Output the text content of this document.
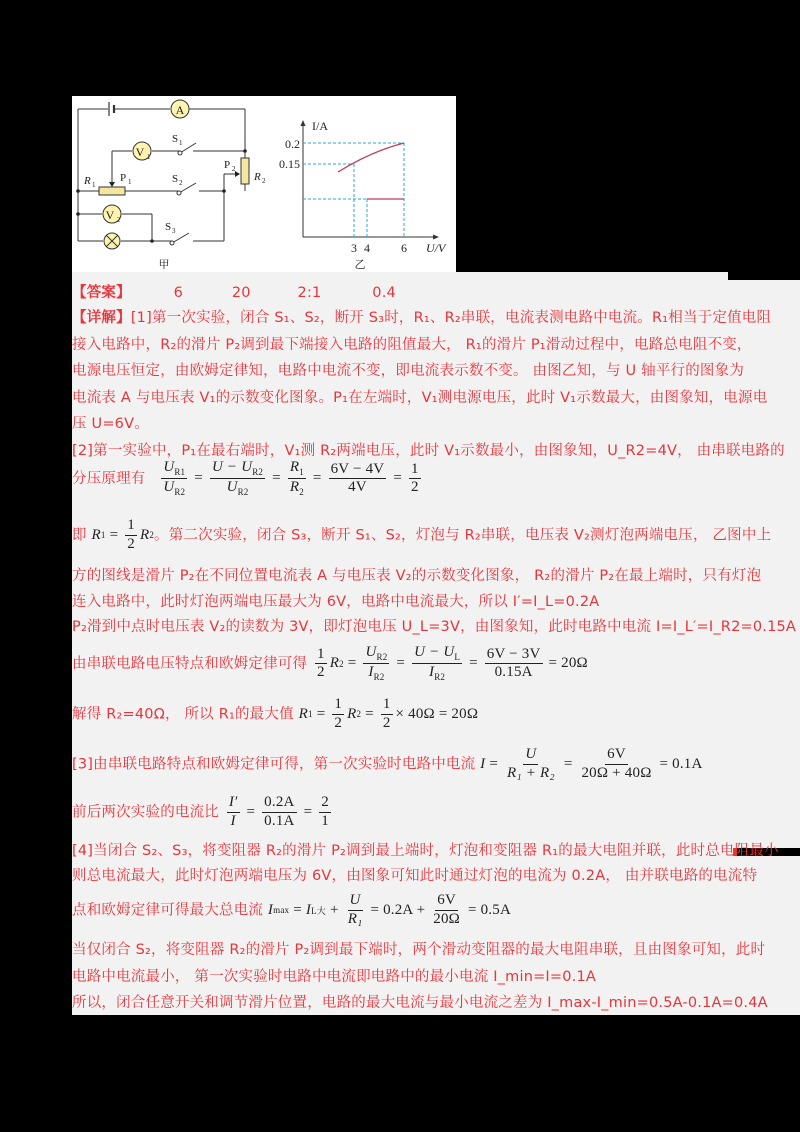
A
V 1
S 1
R 1
P 1	S 2
P 2
R 2
V 2
S 3
甲
I/A
0.2
0.15
3 4	6 U/V
乙
【答案】	6	20	2:1	0.4
【详解】[1]第一次实验，闭合 S₁、S₂，断开 S₃时，R₁、R₂串联，电流表测电路中电流。R₁相当于定值电阻
接入电路中，R₂的滑片 P₂调到最下端接入电路的阻值最大， R₁的滑片 P₁滑动过程中，电路总电阻不变，
电源电压恒定，由欧姆定律知，电路中电流不变，即电流表示数不变。 由图乙知，与 U 轴平行的图象为
电流表 A 与电压表 V₁的示数变化图象。P₁在左端时，V₁测电源电压，此时 V₁示数最大，由图象知，电源电
压 U=6V。
[2]第一实验中，P₁在最右端时，V₁测 R₂两端电压，此时 V₁示数最小，由图象知，U_R2=4V， 由串联电路的
分压原理有 $\frac{U_{R1}}{U_{R2}} = \frac{U - U_{R2}}{U_{R2}} = \frac{R_1}{R_2} = \frac{6V - 4V}{4V} = \frac{1}{2}$
即 R $1 = \frac{1}{2}$ R 2 。第二次实验，闭合 S₃，断开 S₁、S₂，灯泡与 R₂串联，电压表 V₂测灯泡两端电压， 乙图中上
方的图线是滑片 P₂在不同位置电流表 A 与电压表 V₂的示数变化图象， R₂的滑片 P₂在最上端时，只有灯泡
连入电路中，此时灯泡两端电压最大为 6V，电路中电流最大，所以 I′=I_L=0.2A
P₂滑到中点时电压表 V₂的读数为 3V，即灯泡电压 U_L=3V，由图象知，此时电路中电流 I=I_L′=I_R2=0.15A
由串联电路电压特点和欧姆定律可得 $\frac{1}{2}$ R $2 = \frac{U_{R2}}{I_{R2}} = \frac{U - U_L}{I_{R2}} = \frac{6V - 3V}{0.15A} = 20\Omega$
解得 R₂=40Ω， 所以 R₁的最大值 R $1 = \frac{1}{2}$ R $2 = \frac{1}{2} \times 40\Omega = 20\Omega$
[3]由串联电路特点和欧姆定律可得，第一次实验时电路中电流 $I = \frac{U}{\text{R₁ + R₂}} = \frac{6V}{20\Omega + 40\Omega} = 0.1A$
前后两次实验的电流比 $\frac{I'}{I} = \frac{0.2A}{0.1A} = \frac{2}{1}$
[4]当闭合 S₂、S₃，将变阻器 R₂的滑片 P₂调到最上端时，灯泡和变阻器 R₁的最大电阻并联，此时总电阻最小
则总电流最大，此时灯泡两端电压为 6V，由图象可知此时通过灯泡的电流为 0.2A， 由并联电路的电流特
点和欧姆定律可得最大总电流 I max = I L大 + $\frac{U}{\text{R₁}} = 0.2A + \frac{6V}{20\Omega} = 0.5A$
当仅闭合 S₂，将变阻器 R₂的滑片 P₂调到最下端时，两个滑动变阻器的最大电阻串联，且由图象可知，此时
电路中电流最小， 第一次实验时电路中电流即电路中的最小电流 I_min=I=0.1A
所以，闭合任意开关和调节滑片位置，电路的最大电流与最小电流之差为 I_max-I_min=0.5A-0.1A=0.4A
